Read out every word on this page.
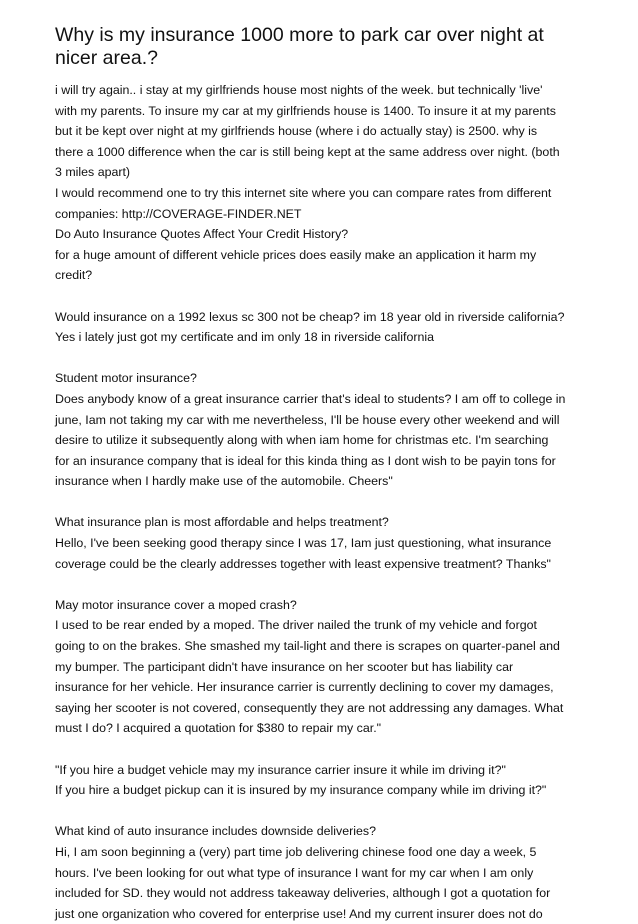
Why is my insurance 1000 more to park car over night at
nicer area.?

i will try again.. i stay at my girlfriends house most nights of the week. but technically 'live'

with my parents. To insure my car at my girlfriends house is 1400. To insure it at my parents

but it be kept over night at my girlfriends house (where i do actually stay) is 2500. why is

there a 1000 difference when the car is still being kept at the same address over night. (both

3 miles apart)

I would recommend one to try this internet site where you can compare rates from different

companies: http://COVERAGE-FINDER.NET

Do Auto Insurance Quotes Affect Your Credit History?

for a huge amount of different vehicle prices does easily make an application it harm my

credit?

Would insurance on a 1992 lexus sc 300 not be cheap? im 18 year old in riverside california?

Yes i lately just got my certificate and im only 18 in riverside california

Student motor insurance?

Does anybody know of a great insurance carrier that's ideal to students? I am off to college in

june, Iam not taking my car with me nevertheless, I'll be house every other weekend and will

desire to utilize it subsequently along with when iam home for christmas etc. I'm searching

for an insurance company that is ideal for this kinda thing as I dont wish to be payin tons for

insurance when I hardly make use of the automobile. Cheers"

What insurance plan is most affordable and helps treatment?

Hello, I've been seeking good therapy since I was 17, Iam just questioning, what insurance

coverage could be the clearly addresses together with least expensive treatment? Thanks"

May motor insurance cover a moped crash?

I used to be rear ended by a moped. The driver nailed the trunk of my vehicle and forgot

going to on the brakes. She smashed my tail-light and there is scrapes on quarter-panel and

my bumper. The participant didn't have insurance on her scooter but has liability car

insurance for her vehicle. Her insurance carrier is currently declining to cover my damages,

saying her scooter is not covered, consequently they are not addressing any damages. What

must I do? I acquired a quotation for $380 to repair my car."

"If you hire a budget vehicle may my insurance carrier insure it while im driving it?"

If you hire a budget pickup can it is insured by my insurance company while im driving it?"

What kind of auto insurance includes downside deliveries?

Hi, I am soon beginning a (very) part time job delivering chinese food one day a week, 5

hours. I've been looking for out what type of insurance I want for my car when I am only

included for SD. they would not address takeaway deliveries, although I got a quotation for

just one organization who covered for enterprise use! And my current insurer does not do
